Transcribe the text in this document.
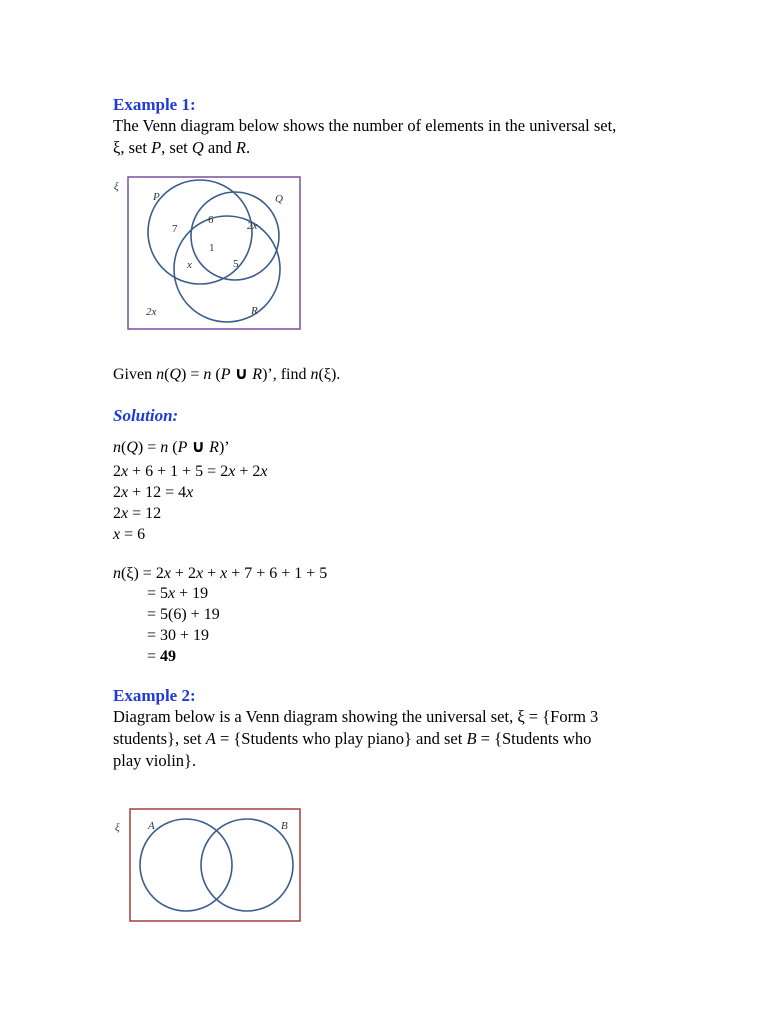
Example 1:
The Venn diagram below shows the number of elements in the universal set,
ξ, set P, set Q and R.
ξ
P	Q
R
7
6	2x
1
x	5
2x
Given n(Q) = n (P ∪ R)’, find n(ξ).
Solution:
n(Q) = n (P ∪ R)’
2x + 6 + 1 + 5 = 2x + 2x
2x + 12 = 4x
2x = 12
x = 6
n(ξ) = 2x + 2x + x + 7 + 6 + 1 + 5
= 5x + 19
= 5(6) + 19
= 30 + 19
= 49
Example 2:
Diagram below is a Venn diagram showing the universal set, ξ = {Form 3
students}, set A = {Students who play piano} and set B = {Students who
play violin}.
ξ	A	B
